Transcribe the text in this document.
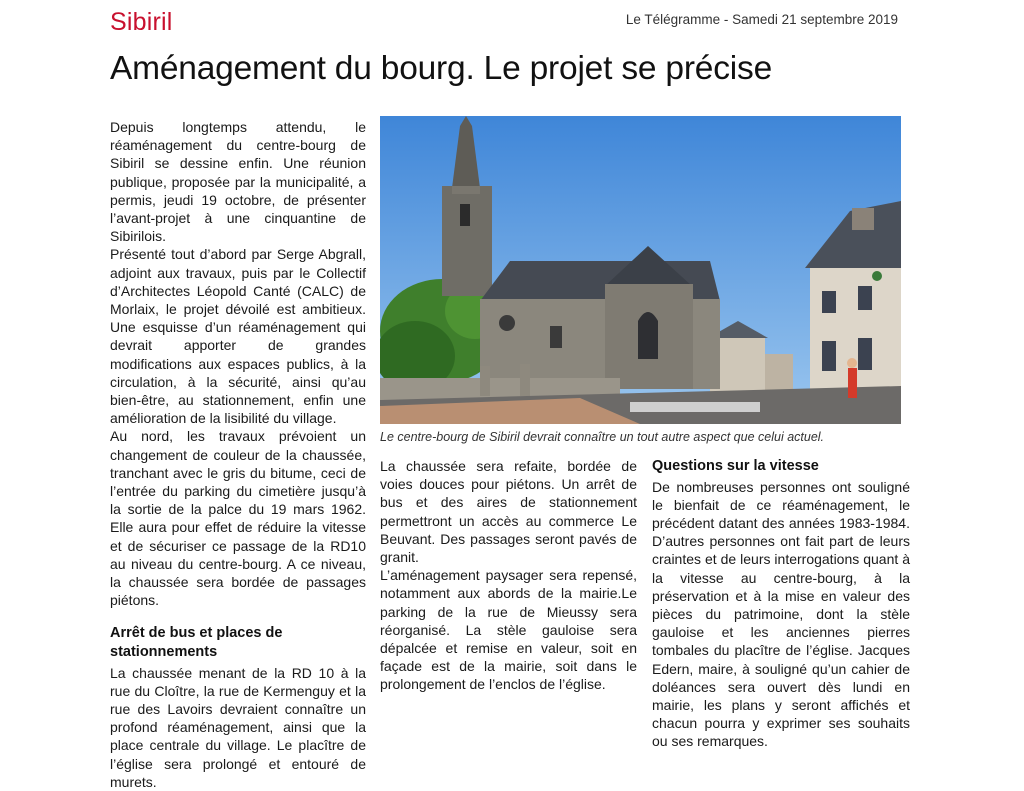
Sibiril	Le Télégramme - Samedi 21 septembre 2019
Aménagement du bourg. Le projet se précise

Depuis longtemps attendu, le réaménagement du centre-bourg de Sibiril se dessine enfin. Une réunion publique, proposée par la municipalité, a permis, jeudi 19 octobre, de présenter l’avant-projet à une cinquantine de Sibirilois.

Présenté tout d’abord par Serge Abgrall, adjoint aux travaux, puis par le Collectif d’Architectes Léopold Canté (CALC) de Morlaix, le projet dévoilé est ambitieux. Une esquisse d’un réaménagement qui devrait apporter de grandes modifications aux espaces publics, à la circulation, à la sécurité, ainsi qu’au bien-être, au stationnement, enfin une amélioration de la lisibilité du village.

Au nord, les travaux prévoient un changement de couleur de la chaussée, tranchant avec le gris du bitume, ceci de l’entrée du parking du cimetière jusqu’à la sortie de la palce du 19 mars 1962. Elle aura pour effet de réduire la vitesse et de sécuriser ce passage de la RD10 au niveau du centre-bourg. A ce niveau, la chaussée sera bordée de passages piétons.

Arrêt de bus et places de stationnements

La chaussée menant de la RD 10 à la rue du Cloître, la rue de Kermenguy et la rue des Lavoirs devraient connaître un profond réaménagement, ainsi que la place centrale du village. Le placître de l’église sera prolongé et entouré de murets.

Le centre-bourg de Sibiril devrait connaître un tout autre aspect que celui actuel.

La chaussée sera refaite, bordée de voies douces pour piétons. Un arrêt de bus et des aires de stationnement permettront un accès au commerce Le Beuvant. Des passages seront pavés de granit.

L’aménagement paysager sera repensé, notamment aux abords de la mairie.Le parking de la rue de Mieussy sera réorganisé. La stèle gauloise sera dépalcée et remise en valeur, soit en façade est de la mairie, soit dans le prolongement de l’enclos de l’église.

Questions sur la vitesse

De nombreuses personnes ont souligné le bienfait de ce réaménagement, le précédent datant des années 1983-1984. D’autres personnes ont fait part de leurs craintes et de leurs interrogations quant à la vitesse au centre-bourg, à la préservation et à la mise en valeur des pièces du patrimoine, dont la stèle gauloise et les anciennes pierres tombales du placître de l’église. Jacques Edern, maire, à souligné qu’un cahier de doléances sera ouvert dès lundi en mairie, les plans y seront affichés et chacun pourra y exprimer ses souhaits ou ses remarques.
